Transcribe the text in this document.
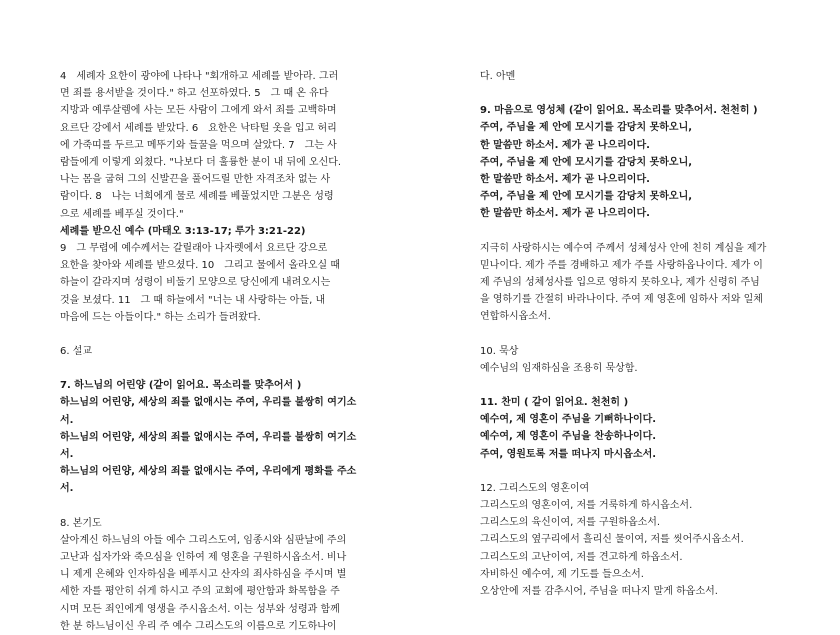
4　세례자 요한이 광야에 나타나 "회개하고 세례를 받아라. 그러

면 죄를 용서받을 것이다." 하고 선포하였다. 5　그 때 온 유다

지방과 예루살렘에 사는 모든 사람이 그에게 와서 죄를 고백하며

요르단 강에서 세례를 받았다. 6　요한은 낙타털 옷을 입고 허리

에 가죽띠를 두르고 메뚜기와 들꿀을 먹으며 살았다. 7　그는 사

람들에게 이렇게 외쳤다. "나보다 더 훌륭한 분이 내 뒤에 오신다.

나는 몸을 굽혀 그의 신발끈을 풀어드릴 만한 자격조차 없는 사

람이다. 8　나는 너희에게 물로 세례를 베풀었지만 그분은 성령

으로 세례를 베푸실 것이다."

세례를 받으신 예수 (마태오 3:13-17; 루가 3:21-22)

9　그 무렵에 예수께서는 갈릴래아 나자렛에서 요르단 강으로

요한을 찾아와 세례를 받으셨다. 10　그리고 물에서 올라오실 때

하늘이 갈라지며 성령이 비둘기 모양으로 당신에게 내려오시는

것을 보셨다. 11　그 때 하늘에서 "너는 내 사랑하는 아들, 내

마음에 드는 아들이다." 하는 소리가 들려왔다.

6. 설교

7. 하느님의 어린양 (같이 읽어요. 목소리를 맞추어서 )

하느님의 어린양, 세상의 죄를 없애시는 주여, 우리를 불쌍히 여기소서.

하느님의 어린양, 세상의 죄를 없애시는 주여, 우리를 불쌍히 여기소서.

하느님의 어린양, 세상의 죄를 없애시는 주여, 우리에게 평화를 주소서.

8. 본기도

살아계신 하느님의 아들 예수 그리스도여, 임종시와 심판날에 주의

고난과 십자가와 죽으심을 인하여 제 영혼을 구원하시옵소서. 비나

니 제게 은혜와 인자하심을 베푸시고 산자의 죄사하심을 주시며 별

세한 자를 평안히 쉬게 하시고 주의 교회에 평안함과 화목함을 주

시며 모든 죄인에게 영생을 주시옵소서. 이는 성부와 성령과 함께

한 분 하느님이신 우리 주 예수 그리스도의 이름으로 기도하나이

다. 아멘

9. 마음으로 영성체 (같이 읽어요. 목소리를 맞추어서. 천천히 )

주여, 주님을 제 안에 모시기를 감당치 못하오니,

한 말씀만 하소서. 제가 곧 나으리이다.

주여, 주님을 제 안에 모시기를 감당치 못하오니,

한 말씀만 하소서. 제가 곧 나으리이다.

주여, 주님을 제 안에 모시기를 감당치 못하오니,

한 말씀만 하소서. 제가 곧 나으리이다.

지극히 사랑하시는 예수여 주께서 성체성사 안에 친히 계심을 제가

믿나이다. 제가 주를 경배하고 제가 주를 사랑하옵나이다. 제가 이

제 주님의 성체성사를 입으로 영하지 못하오나, 제가 신령히 주님

을 영하기를 간절히 바라나이다. 주여 제 영혼에 임하사 저와 일체

연합하시옵소서.

10. 묵상

예수님의 임재하심을 조용히 묵상함.

11. 찬미 ( 같이 읽어요. 천천히 )

예수여, 제 영혼이 주님을 기뻐하나이다.

예수여, 제 영혼이 주님을 찬송하나이다.

주여, 영원토록 저를 떠나지 마시옵소서.

12. 그리스도의 영혼이여

그리스도의 영혼이여, 저를 거룩하게 하시옵소서.

그리스도의 육신이여, 저를 구원하옵소서.

그리스도의 옆구리에서 흘리신 물이여, 저를 씻어주시옵소서.

그리스도의 고난이여, 저를 견고하게 하옵소서.

자비하신 예수여, 제 기도를 들으소서.

오상안에 저를 감추시어, 주님을 떠나지 말게 하옵소서.
